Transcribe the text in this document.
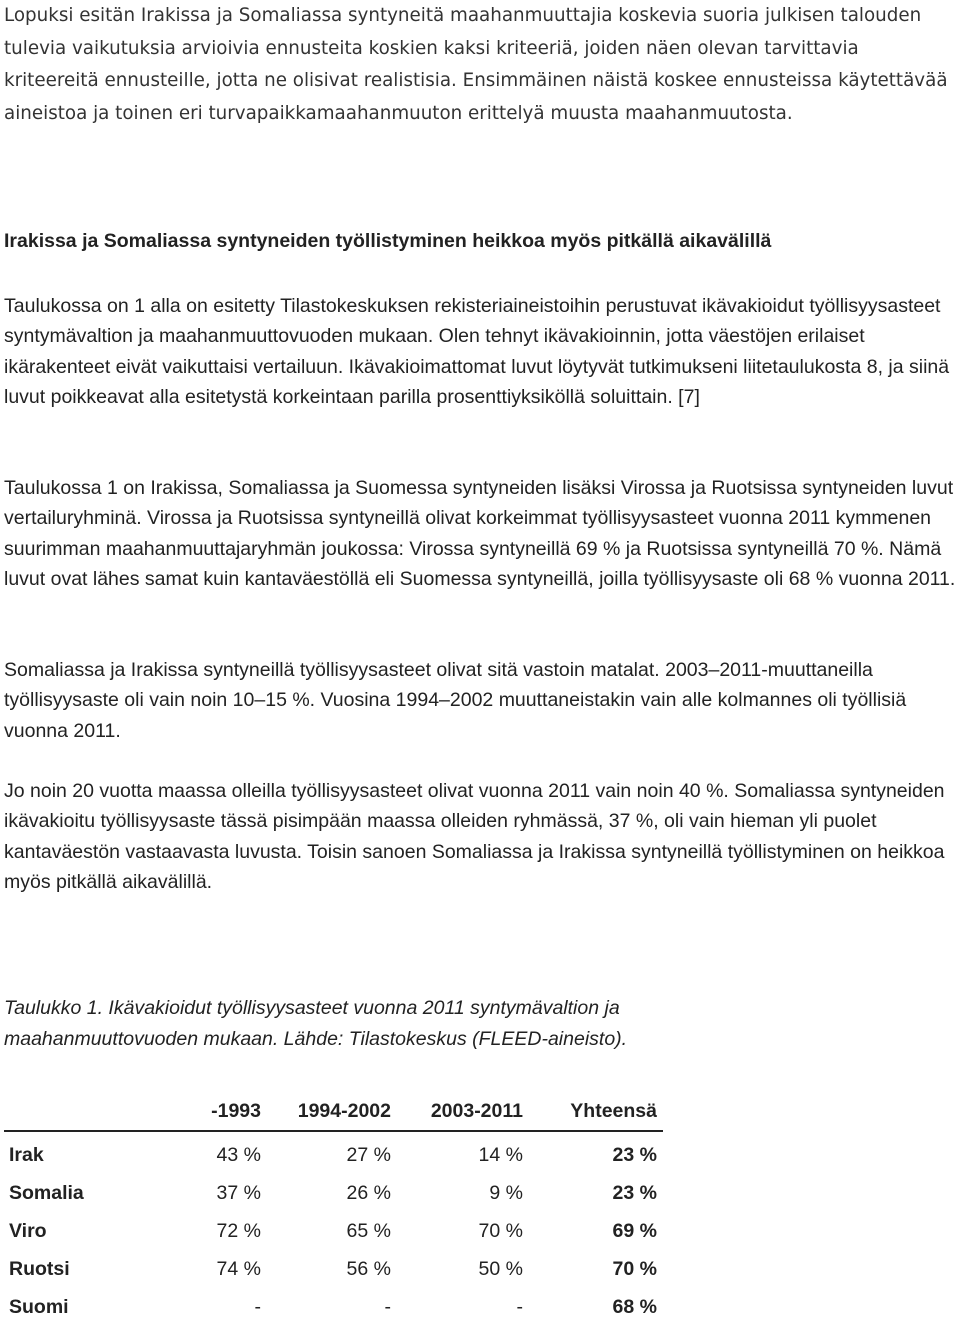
Lopuksi esitän Irakissa ja Somaliassa syntyneitä maahanmuuttajia koskevia suoria julkisen talouden tulevia vaikutuksia arvioivia ennusteita koskien kaksi kriteeriä, joiden näen olevan tarvittavia kriteereitä ennusteille, jotta ne olisivat realistisia. Ensimmäinen näistä koskee ennusteissa käytettävää aineistoa ja toinen eri turvapaikkamaahanmuuton erittelyä muusta maahanmuutosta.

Irakissa ja Somaliassa syntyneiden työllistyminen heikkoa myös pitkällä aikavälillä

Taulukossa on 1 alla on esitetty Tilastokeskuksen rekisteriaineistoihin perustuvat ikävakioidut työllisyysasteet syntymävaltion ja maahanmuuttovuoden mukaan. Olen tehnyt ikävakioinnin, jotta väestöjen erilaiset ikärakenteet eivät vaikuttaisi vertailuun. Ikävakioimattomat luvut löytyvät tutkimukseni liitetaulukosta 8, ja siinä luvut poikkeavat alla esitetystä korkeintaan parilla prosenttiyksiköllä soluittain. [7]

Taulukossa 1 on Irakissa, Somaliassa ja Suomessa syntyneiden lisäksi Virossa ja Ruotsissa syntyneiden luvut vertailuryhminä. Virossa ja Ruotsissa syntyneillä olivat korkeimmat työllisyysasteet vuonna 2011 kymmenen suurimman maahanmuuttajaryhmän joukossa: Virossa syntyneillä 69 % ja Ruotsissa syntyneillä 70 %. Nämä luvut ovat lähes samat kuin kantaväestöllä eli Suomessa syntyneillä, joilla työllisyysaste oli 68 % vuonna 2011.

Somaliassa ja Irakissa syntyneillä työllisyysasteet olivat sitä vastoin matalat. 2003–2011-muuttaneilla työllisyysaste oli vain noin 10–15 %. Vuosina 1994–2002 muuttaneistakin vain alle kolmannes oli työllisiä vuonna 2011.

Jo noin 20 vuotta maassa olleilla työllisyysasteet olivat vuonna 2011 vain noin 40 %. Somaliassa syntyneiden ikävakioitu työllisyysaste tässä pisimpään maassa olleiden ryhmässä, 37 %, oli vain hieman yli puolet kantaväestön vastaavasta luvusta. Toisin sanoen Somaliassa ja Irakissa syntyneillä työllistyminen on heikkoa myös pitkällä aikavälillä.

Taulukko 1. Ikävakioidut työllisyysasteet vuonna 2011 syntymävaltion ja maahanmuuttovuoden mukaan. Lähde: Tilastokeskus (FLEED-aineisto).

	-1993	1994-2002	2003-2011	Yhteensä
Irak	43 %	27 %	14 %	23 %
Somalia	37 %	26 %	9 %	23 %
Viro	72 %	65 %	70 %	69 %
Ruotsi	74 %	56 %	50 %	70 %
Suomi	-	-	-	68 %
